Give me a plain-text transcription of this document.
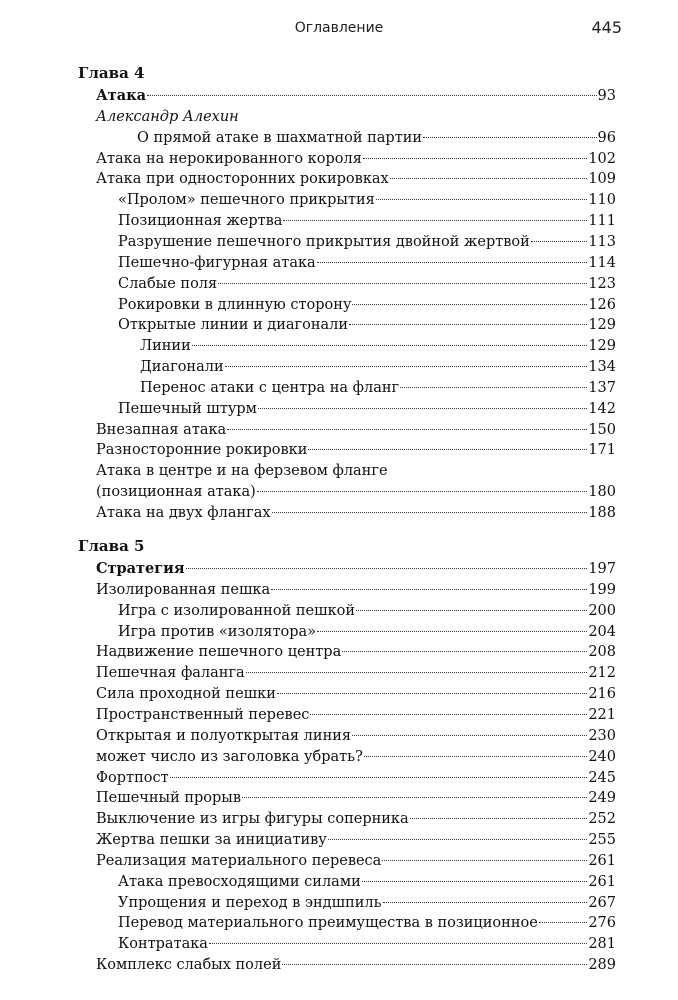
Оглавление	445
Глава 4
Атака	93
Александр Алехин
О прямой атаке в шахматной партии	96
Атака на нерокированного короля	102
Атака при односторонних рокировках	109
«Пролом» пешечного прикрытия	110
Позиционная жертва	111
Разрушение пешечного прикрытия двойной жертвой	113
Пешечно-фигурная атака	114
Слабые поля	123
Рокировки в длинную сторону	126
Открытые линии и диагонали	129
Линии	129
Диагонали	134
Перенос атаки с центра на фланг	137
Пешечный штурм	142
Внезапная атака	150
Разносторонние рокировки	171
Атака в центре и на ферзевом фланге
(позиционная атака)	180
Атака на двух флангах	188
Глава 5
Стратегия	197
Изолированная пешка	199
Игра с изолированной пешкой	200
Игра против «изолятора»	204
Надвижение пешечного центра	208
Пешечная фаланга	212
Сила проходной пешки	216
Пространственный перевес	221
Открытая и полуоткрытая линия	230
может число из заголовка убрать?	240
Фортпост	245
Пешечный прорыв	249
Выключение из игры фигуры соперника	252
Жертва пешки за инициативу	255
Реализация материального перевеса	261
Атака превосходящими силами	261
Упрощения и переход в эндшпиль	267
Перевод материального преимущества в позиционное	276
Контратака	281
Комплекс слабых полей	289
